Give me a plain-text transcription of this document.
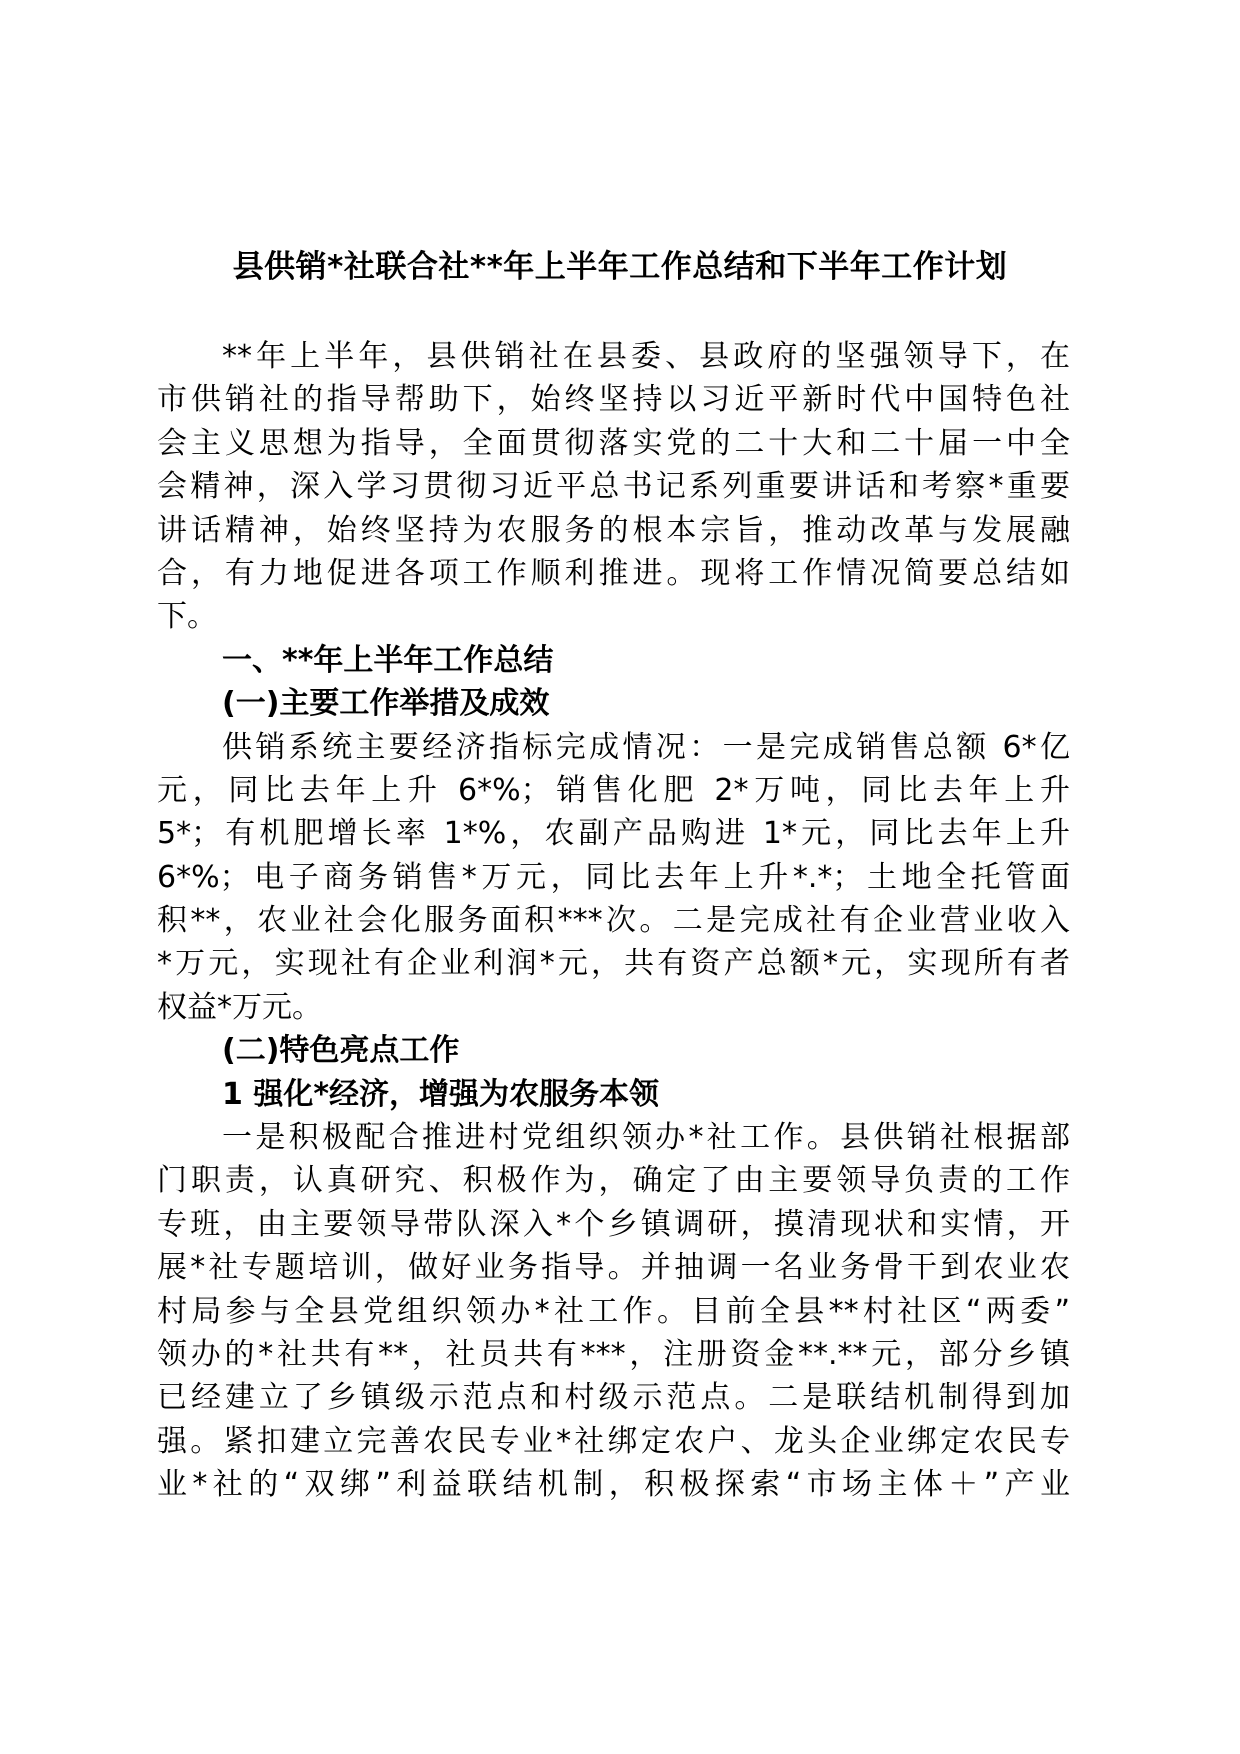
县供销*社联合社**年上半年工作总结和下半年工作计划
**年上半年，县供销社在县委、县政府的坚强领导下，在
市供销社的指导帮助下，始终坚持以习近平新时代中国特色社
会主义思想为指导，全面贯彻落实党的二十大和二十届一中全
会精神，深入学习贯彻习近平总书记系列重要讲话和考察*重要
讲话精神，始终坚持为农服务的根本宗旨，推动改革与发展融
合，有力地促进各项工作顺利推进。现将工作情况简要总结如
下。
一、**年上半年工作总结
(一)主要工作举措及成效
供销系统主要经济指标完成情况：一是完成销售总额 6*亿
元，同比去年上升 6*%；销售化肥 2*万吨，同比去年上升
5*；有机肥增长率 1*%，农副产品购进 1*元，同比去年上升
6*%；电子商务销售*万元，同比去年上升*.*；土地全托管面
积**，农业社会化服务面积***次。二是完成社有企业营业收入
*万元，实现社有企业利润*元，共有资产总额*元，实现所有者
权益*万元。
(二)特色亮点工作
1 强化*经济，增强为农服务本领
一是积极配合推进村党组织领办*社工作。县供销社根据部
门职责，认真研究、积极作为，确定了由主要领导负责的工作
专班，由主要领导带队深入*个乡镇调研，摸清现状和实情，开
展*社专题培训，做好业务指导。并抽调一名业务骨干到农业农
村局参与全县党组织领办*社工作。目前全县**村社区“两委”
领办的*社共有**，社员共有***，注册资金**.**元，部分乡镇
已经建立了乡镇级示范点和村级示范点。二是联结机制得到加
强。紧扣建立完善农民专业*社绑定农户、龙头企业绑定农民专
业*社的“双绑”利益联结机制，积极探索“市场主体＋”产业
